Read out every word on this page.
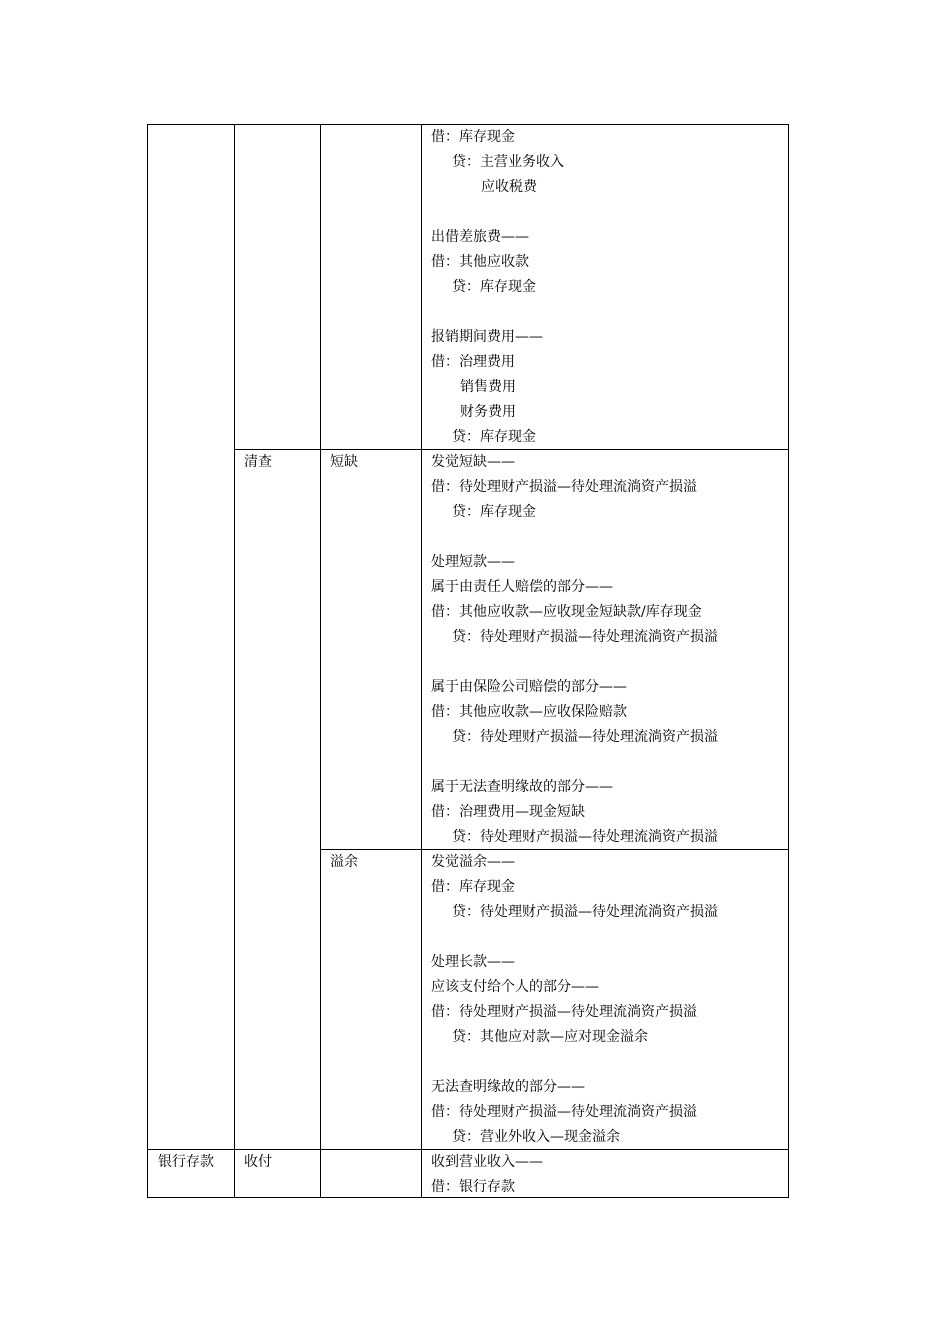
清查	短缺
溢余
银行存款 收付
借：库存现金
贷：主营业务收入
应收税费
出借差旅费——
借：其他应收款
贷：库存现金
报销期间费用——
借：治理费用
销售费用
财务费用
贷：库存现金
发觉短缺——
借：待处理财产损溢—待处理流淌资产损溢
贷：库存现金
处理短款——
属于由责任人赔偿的部分——
借：其他应收款—应收现金短缺款/库存现金
贷：待处理财产损溢—待处理流淌资产损溢
属于由保险公司赔偿的部分——
借：其他应收款—应收保险赔款
贷：待处理财产损溢—待处理流淌资产损溢
属于无法查明缘故的部分——
借：治理费用—现金短缺
贷：待处理财产损溢—待处理流淌资产损溢
发觉溢余——
借：库存现金
贷：待处理财产损溢—待处理流淌资产损溢
处理长款——
应该支付给个人的部分——
借：待处理财产损溢—待处理流淌资产损溢
贷：其他应对款—应对现金溢余
无法查明缘故的部分——
借：待处理财产损溢—待处理流淌资产损溢
贷：营业外收入—现金溢余
收到营业收入——
借：银行存款
